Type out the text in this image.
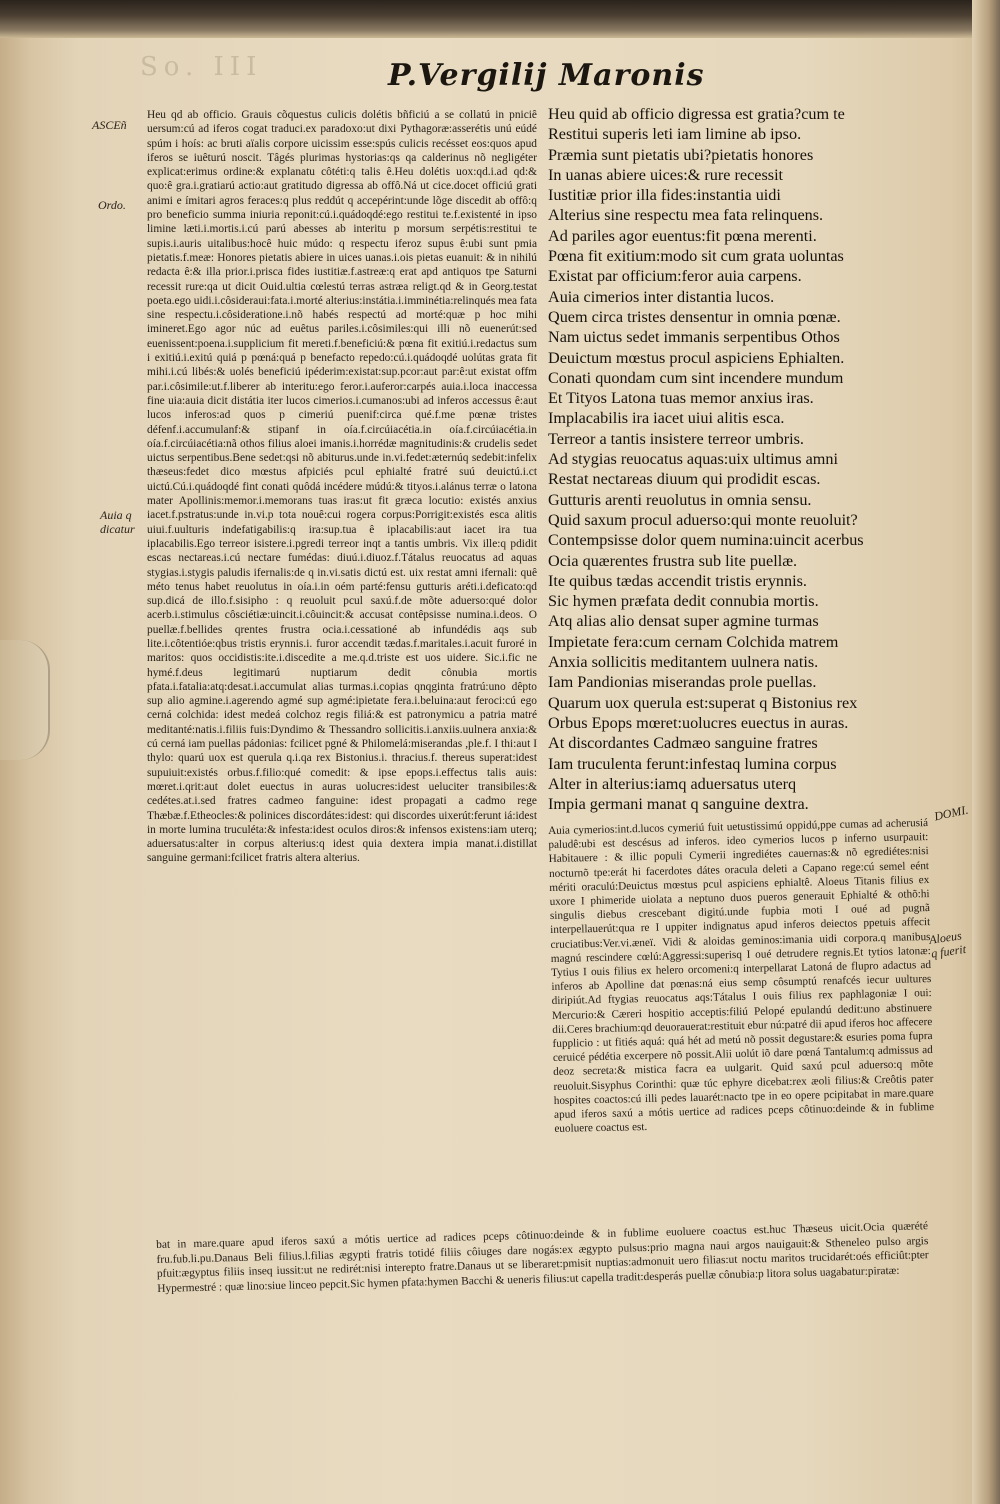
So. III	P.Vergilij Maronis
ASCEñ
Ordo.
Auia q dicatur
DOMI.
Aloeus q fuerit

Heu qd ab officio. Grauis cõquestus culicis dolétis bñficiú a se collatú in pniciê uersum:cú ad iferos cogat traduci.ex paradoxo:ut dixi Pythagoræ:asserétis unú eúdé spúm i hoís: ac bruti aïalis corpore uicissim esse:spús culicis recésset eos:quos apud iferos se iuêturú noscit. Tâgés plurimas hystorias:qs qa calderinus nõ negligéter explicat:erimus ordine:& explanatu côtéti:q talis ê.Heu dolétis uox:qd.i.ad qd:& quo:ê gra.i.gratiarú actio:aut gratitudo digressa ab offô.Ná ut cice.docet officiú grati animi e ímitari agros feraces:q plus reddút q accepérint:unde lõge discedit ab offô:q pro beneficio summa iniuria reponit:cú.i.quádoqdé:ego restitui te.f.existenté in ipso limine læti.i.mortis.i.cú parú abesses ab interitu p morsum serpétis:restitui te supis.i.auris uitalibus:hocê huic múdo: q respectu iferoz supus ê:ubi sunt pmia pietatis.f.meæ: Honores pietatis abiere in uices uanas.i.ois pietas euanuit: & in nihilú redacta ê:& illa prior.i.prisca fides iustitiæ.f.astreæ:q erat apd antiquos tpe Saturni recessit rure:qa ut dicit Ouid.ultia cœlestú terras astræa religt.qd & in Georg.testat poeta.ego uidi.i.côsideraui:fata.i.morté alterius:instátia.i.imminétia:relinqués mea fata sine respectu.i.côsideratione.i.nõ habés respectú ad morté:quæ p hoc mihi imineret.Ego agor núc ad euêtus pariles.i.côsimiles:qui illi nõ euenerút:sed euenissent:poena.i.supplicium fit mereti.f.beneficiú:& pœna fit exitiú.i.redactus sum i exitiú.i.exitú quiá p pœná:quá p benefacto repedo:cú.i.quádoqdé uolútas grata fit mihi.i.cú libés:& uolés beneficiú ipéderim:existat:sup.pcor:aut par:ê:ut existat offm par.i.côsimile:ut.f.liberer ab interitu:ego feror.i.auferor:carpés auia.i.loca inaccessa fine uia:auia dicit distátia iter lucos cimerios.i.cumanos:ubi ad inferos accessus ê:aut lucos inferos:ad quos p cimeriú puenif:circa qué.f.me pœnæ tristes défenf.i.accumulanf:& stipanf in oía.f.circúiacétia.in oía.f.circúiacétia.in oía.f.circúiacétia:nã othos filius aloei imanis.i.horrédæ magnitudinis:& crudelis sedet uictus serpentibus.Bene sedet:qsi nõ abiturus.unde in.vi.fedet:æternúq sedebit:infelix thæseus:fedet dico mœstus afpiciés pcul ephialté fratré suú deuictú.i.ct uictú.Cú.i.quádoqdé fint conati quôdá incédere múdú:& tityos.i.alánus terræ o latona mater Apollinis:memor.i.memorans tuas iras:ut fit græca locutio: existés anxius iacet.f.pstratus:unde in.vi.p tota nouê:cui rogera corpus:Porrigit:existés esca alitis uiui.f.uulturis indefatigabilis:q ira:sup.tua ê iplacabilis:aut iacet ira tua iplacabilis.Ego terreor isistere.i.pgredi terreor inqt a tantis umbris. Vix ille:q pdidit escas nectareas.i.cú nectare fumédas: diuú.i.diuoz.f.Tátalus reuocatus ad aquas stygias.i.stygis paludis ifernalis:de q in.vi.satis dictú est. uix restat amni ifernali: quê méto tenus habet reuolutus in oía.i.in oém parté:fensu gutturis aréti.i.deficato:qd sup.dicá de illo.f.sisipho : q reuoluit pcul saxú.f.de mõte aduerso:qué dolor acerb.i.stimulus côsciétiæ:uincit.i.côuincit:& accusat contêpsisse numina.i.deos. O puellæ.f.bellides qrentes frustra ocia.i.cessationé ab infundédis aqs sub lite.i.côtentióe:qbus tristis erynnis.i. furor accendit tædas.f.maritales.i.acuit furoré in maritos: quos occidistis:ite.i.discedite a me.q.d.triste est uos uidere. Sic.i.fic ne hymé.f.deus legitimarú nuptiarum dedit cônubia mortis pfata.i.fatalia:atq:desat.i.accumulat alias turmas.i.copias qnqginta fratrú:uno dêpto sup alio agmine.i.agerendo agmé sup agmé:ipietate fera.i.beluina:aut feroci:cú ego cerná colchida: idest medeá colchoz regis filiá:& est patronymicu a patria matré meditanté:natis.i.filiis fuis:Dyndimo & Thessandro sollicitis.i.anxiis.uulnera anxia:& cú cerná iam puellas pádonias: fcilicet pgné & Philomelá:miserandas ,ple.f. I thi:aut I thylo: quarú uox est querula q.i.qa rex Bistonius.i. thracius.f. thereus superat:idest supuiuit:existés orbus.f.filio:qué comedit: & ipse epops.i.effectus talis auis: mœret.i.qrit:aut dolet euectus in auras uolucres:idest ueluciter transibiles:& cedétes.at.i.sed fratres cadmeo fanguine: idest propagati a cadmo rege Thæbæ.f.Etheocles:& polinices discordátes:idest: qui discordes uixerút:ferunt iá:idest in morte lumina truculéta:& infesta:idest oculos diros:& infensos existens:iam uterq; aduersatus:alter in corpus alterius:q idest quia dextera impia manat.i.distillat sanguine germani:fcilicet fratris altera alterius.

Heu quid ab officio digressa est gratia?cum te
Restitui superis leti iam limine ab ipso.
Præmia sunt pietatis ubi?pietatis honores
In uanas abiere uices:& rure recessit
Iustitiæ prior illa fides:instantia uidi
Alterius sine respectu mea fata relinquens.
Ad pariles agor euentus:fit pœna merenti.
Pœna fit exitium:modo sit cum grata uoluntas
Existat par officium:feror auia carpens.
Auia cimerios inter distantia lucos.
Quem circa tristes densentur in omnia pœnæ.
Nam uictus sedet immanis serpentibus Othos
Deuictum mœstus procul aspiciens Ephialten.
Conati quondam cum sint incendere mundum
Et Tityos Latona tuas memor anxius iras.
Implacabilis ira iacet uiui alitis esca.
Terreor a tantis insistere terreor umbris.
Ad stygias reuocatus aquas:uix ultimus amni
Restat nectareas diuum qui prodidit escas.
Gutturis arenti reuolutus in omnia sensu.
Quid saxum procul aduerso:qui monte reuoluit?
Contempsisse dolor quem numina:uincit acerbus
Ocia quærentes frustra sub lite puellæ.
Ite quibus tædas accendit tristis erynnis.
Sic hymen præfata dedit connubia mortis.
Atq alias alio densat super agmine turmas
Impietate fera:cum cernam Colchida matrem
Anxia sollicitis meditantem uulnera natis.
Iam Pandionias miserandas prole puellas.
Quarum uox querula est:superat q Bistonius rex
Orbus Epops mœret:uolucres euectus in auras.
At discordantes Cadmæo sanguine fratres
Iam truculenta ferunt:infestaq lumina corpus
Alter in alterius:iamq aduersatus uterq
Impia germani manat q sanguine dextra.

Auia cymerios:int.d.lucos cymeriú fuit uetustissimú oppidú,ppe cumas ad acherusiá paludê:ubi est descésus ad inferos. ideo cymerios lucos p inferno usurpauit: Habitauere : & illic populi Cymerii ingrediétes cauernas:& nõ egrediétes:nisi nocturnõ tpe:erát hi facerdotes dátes oracula deleti a Capano rege:cú semel eént mériti oraculú:Deuictus mœstus pcul aspiciens ephialtê. Aloeus Titanis filius ex uxore I phimeride uiolata a neptuno duos pueros generauit Ephialté & othõ:hi singulis diebus crescebant digitú.unde fupbia moti I oué ad pugnã interpellauerút:qua re I uppiter indignatus apud inferos deiectos ppetuis affecit cruciatibus:Ver.vi.æneï. Vidi & aloidas geminos:imania uidi corpora.q manibus magnú rescindere cœlú:Aggressi:superisq I oué detrudere regnis.Et tytios latonæ: Tytius I ouis filius ex helero orcomeni:q interpellarat Latoná de flupro adactus ad inferos ab Apolline dat pœnas:ná eius semp côsumptú renafcés iecur uultures diripiút.Ad ftygias reuocatus aqs:Tátalus I ouis filius rex paphlagoniæ I oui: Mercurio:& Cæreri hospitio acceptis:filiú Pelopé epulandú dedit:uno abstinuere dii.Ceres brachium:qd deuorauerat:restituit ebur nú:patré dii apud iferos hoc affecere fupplicio : ut fitiés aquá: quá hét ad metú nõ possit degustare:& esuries poma fupra ceruicé pédétia excerpere nõ possit.Alii uolút iõ dare pœná Tantalum:q admissus ad deoz secreta:& mistica facra ea uulgarit. Quid saxú pcul aduerso:q mõte reuoluit.Sisyphus Corinthi: quæ túc ephyre dicebat:rex æoli filius:& Creôtis pater hospites coactos:cú illi pedes lauarét:nacto tpe in eo opere pcipitabat in mare.quare apud iferos saxú a mótis uertice ad radices pceps côtinuo:deinde & in fublime euoluere coactus est.

bat in mare.quare apud iferos saxú a mótis uertice ad radices pceps côtinuo:deinde & in fublime euoluere coactus est.huc Thæseus uicit.Ocia quærété fru.fub.li.pu.Danaus Beli filius.l.filias ægypti fratris totidé filiis côiuges dare nogás:ex ægypto pulsus:prio magna naui argos nauigauit:& Stheneleo pulso argis pfuit:ægyptus filiis inseq iussit:ut ne redirét:nisi interepto fratre.Danaus ut se liberaret:pmisit nuptias:admonuit uero filias:ut noctu maritos trucidarét:oés efficiût:pter Hypermestré : quæ lino:siue linceo pepcit.Sic hymen pfata:hymen Bacchi & ueneris filius:ut capella tradit:desperás puellæ cônubia:p litora solus uagabatur:piratæ:
